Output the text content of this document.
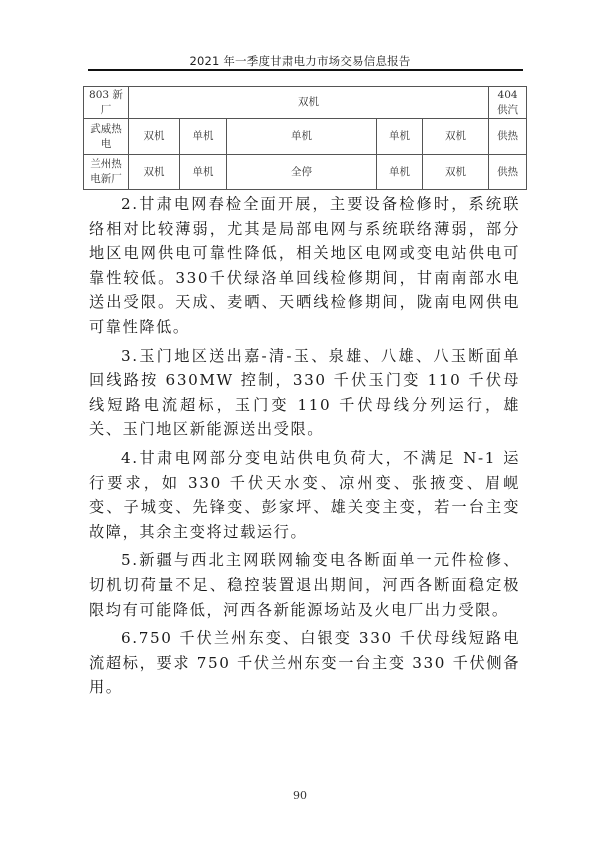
2021 年一季度甘肃电力市场交易信息报告
803 新厂	双机					404 供汽
武威热电	双机	单机	单机	单机	双机	供热
兰州热电新厂	双机	单机	全停	单机	双机	供热

2.甘肃电网春检全面开展，主要设备检修时，系统联络相对比较薄弱，尤其是局部电网与系统联络薄弱，部分地区电网供电可靠性降低，相关地区电网或变电站供电可靠性较低。330千伏绿洛单回线检修期间，甘南南部水电送出受限。天成、麦晒、天晒线检修期间，陇南电网供电可靠性降低。

3.玉门地区送出嘉-清-玉、泉雄、八雄、八玉断面单回线路按 630MW 控制，330 千伏玉门变 110 千伏母线短路电流超标，玉门变 110 千伏母线分列运行，雄关、玉门地区新能源送出受限。

4.甘肃电网部分变电站供电负荷大，不满足 N-1 运行要求，如 330 千伏天水变、凉州变、张掖变、眉岘变、子城变、先锋变、彭家坪、雄关变主变，若一台主变故障，其余主变将过载运行。

5.新疆与西北主网联网输变电各断面单一元件检修、切机切荷量不足、稳控装置退出期间，河西各断面稳定极限均有可能降低，河西各新能源场站及火电厂出力受限。

6.750 千伏兰州东变、白银变 330 千伏母线短路电流超标，要求 750 千伏兰州东变一台主变 330 千伏侧备用。

90
